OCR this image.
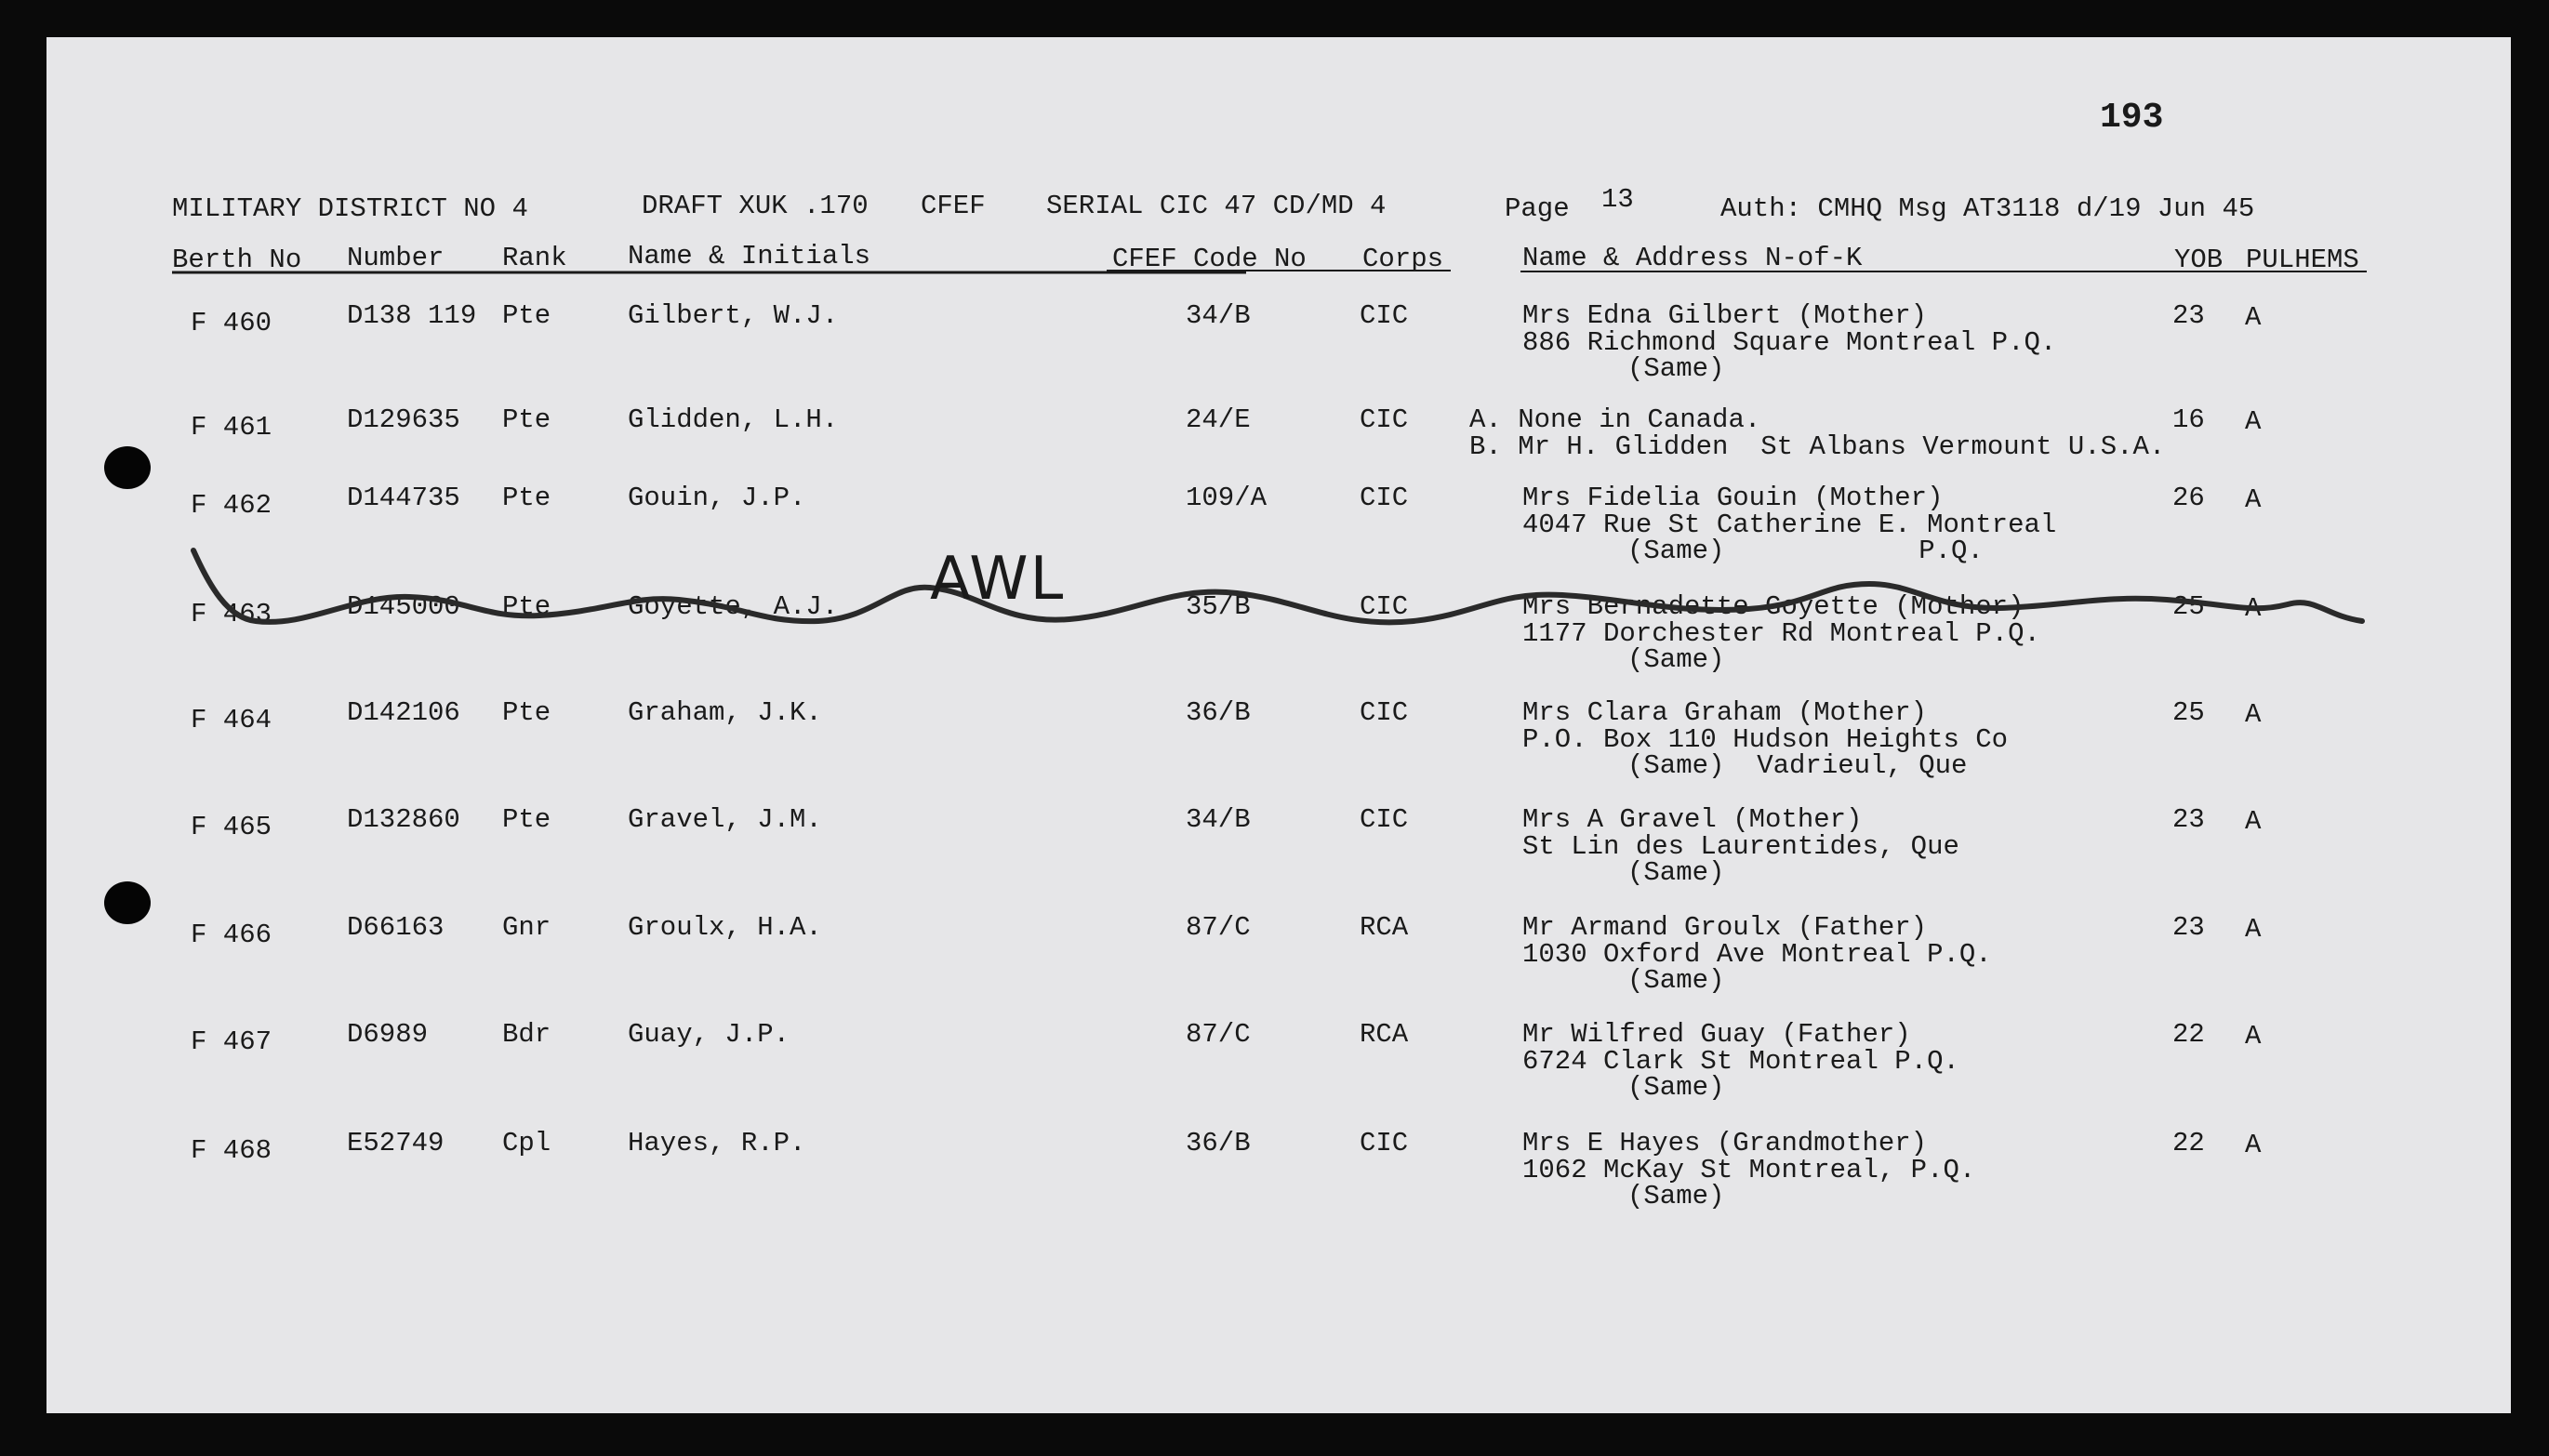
193
MILITARY DISTRICT NO 4	DRAFT XUK .170 CFEF SERIAL CIC 47 CD/MD 4	Page 13	Auth: CMHQ Msg AT3118 d/19 Jun 45
Berth No Number Rank Name & Initials	CFEF Code No Corps	Name & Address N-of-K	YOB PULHEMS
F 460	D138 119 Pte	Gilbert, W.J.	34/B	CIC	Mrs Edna Gilbert (Mother)
886 Richmond Square Montreal P.Q.
(Same)
23 A
F 461	D129635 Pte	Glidden, L.H.	24/E	CIC A. None in Canada.
B. Mr H. Glidden  St Albans Vermount U.S.A.
16 A
F 462	D144735 Pte	Gouin, J.P.	109/A	CIC	Mrs Fidelia Gouin (Mother)
4047 Rue St Catherine E. Montreal
(Same)            P.Q.
26 A
F 463	D145000 Pte	Goyette, A.J.	35/B	CIC	Mrs Bernadette Goyette (Mother)
1177 Dorchester Rd Montreal P.Q.
(Same)
25 A
F 464	D142106 Pte	Graham, J.K.	36/B	CIC	Mrs Clara Graham (Mother)
P.O. Box 110 Hudson Heights Co
(Same)  Vadrieul, Que
25 A
F 465	D132860 Pte	Gravel, J.M.	34/B	CIC	Mrs A Gravel (Mother)
St Lin des Laurentides, Que
(Same)
23 A
F 466	D66163 Gnr	Groulx, H.A.	87/C	RCA	Mr Armand Groulx (Father)
1030 Oxford Ave Montreal P.Q.
(Same)
23 A
F 467	D6989	Bdr	Guay, J.P.	87/C	RCA	Mr Wilfred Guay (Father)
6724 Clark St Montreal P.Q.
(Same)
22 A
F 468	E52749 Cpl	Hayes, R.P.	36/B	CIC	Mrs E Hayes (Grandmother)
1062 McKay St Montreal, P.Q.
(Same)
22 A
AWL
